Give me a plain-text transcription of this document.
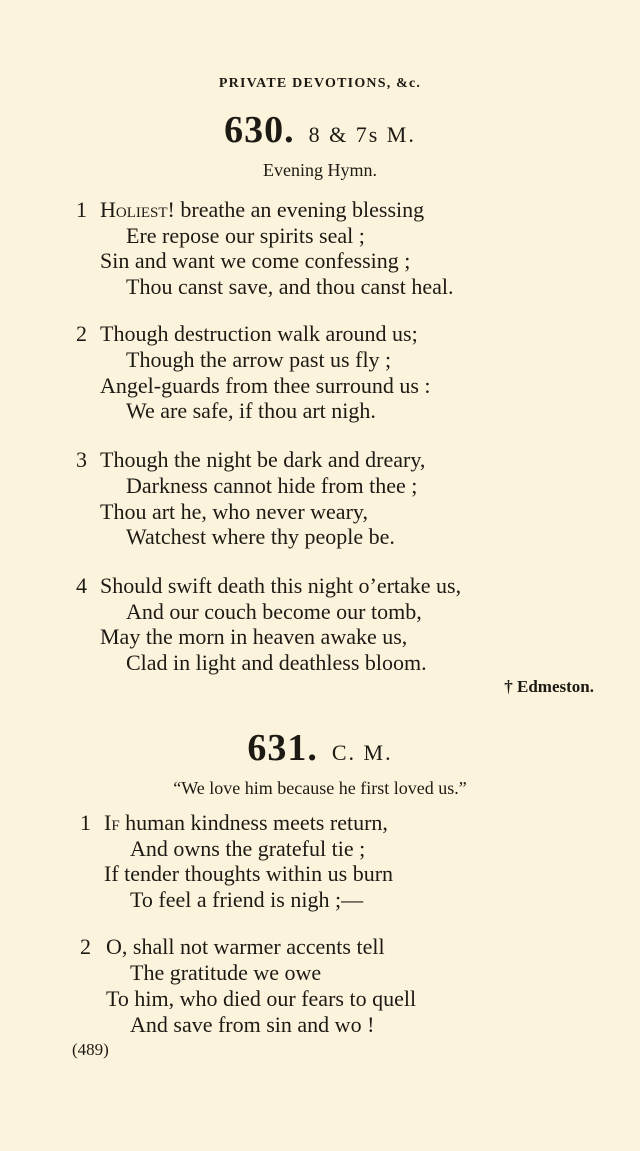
PRIVATE DEVOTIONS, &c.
630. 8 & 7s M.
Evening Hymn.
1 Holiest! breathe an evening blessing
Ere repose our spirits seal ;
Sin and want we come confessing ;
Thou canst save, and thou canst heal.
2 Though destruction walk around us;
Though the arrow past us fly ;
Angel-guards from thee surround us :
We are safe, if thou art nigh.
3 Though the night be dark and dreary,
Darkness cannot hide from thee ;
Thou art he, who never weary,
Watchest where thy people be.
4 Should swift death this night o’ertake us,
And our couch become our tomb,
May the morn in heaven awake us,
Clad in light and deathless bloom.
† Edmeston.
631. C. M.
“We love him because he first loved us.”
1 If human kindness meets return,
And owns the grateful tie ;
If tender thoughts within us burn
To feel a friend is nigh ;—
2 O, shall not warmer accents tell
The gratitude we owe
To him, who died our fears to quell
And save from sin and wo !
(489)
